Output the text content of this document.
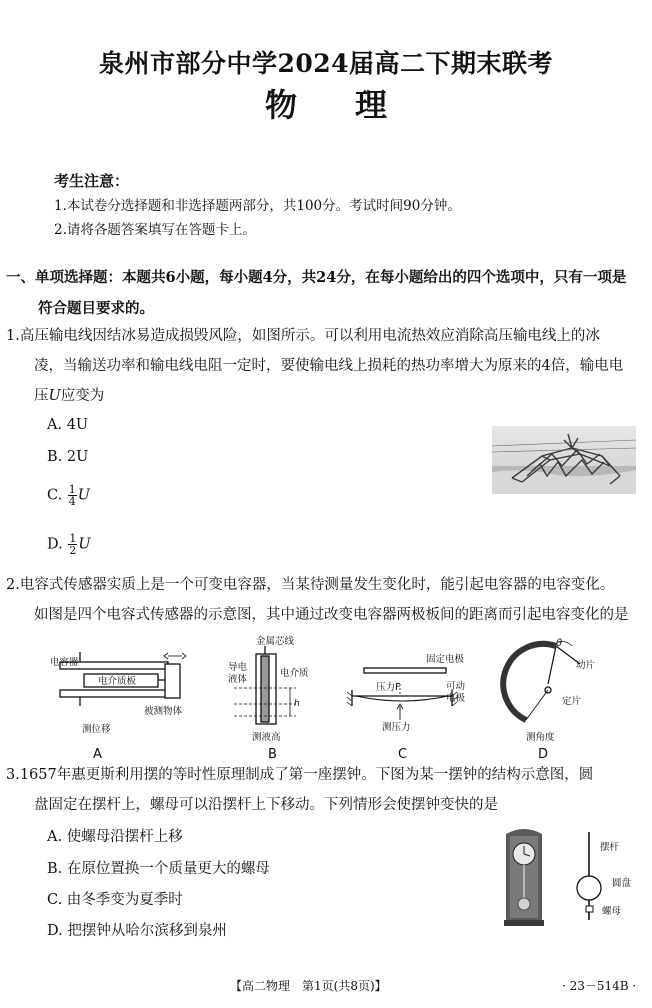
泉州市部分中学2024届高二下期末联考
物理
考生注意：
1.本试卷分选择题和非选择题两部分，共100分。考试时间90分钟。
2.请将各题答案填写在答题卡上。
一、单项选择题：本题共6小题，每小题4分，共24分，在每小题给出的四个选项中，只有一项是
符合题目要求的。
1.高压输电线因结冰易造成损毁风险，如图所示。可以利用电流热效应消除高压输电线上的冰
凌，当输送功率和输电线电阻一定时，要使输电线上损耗的热功率增大为原来的4倍，输电电
压U应变为
A. 4U
B. 2U
C. $\frac{1}{4}$ U
D. $\frac{1}{2}$ U
2.电容式传感器实质上是一个可变电容器，当某待测量发生变化时，能引起电容器的电容变化。
如图是四个电容式传感器的示意图，其中通过改变电容器两极板间的距离而引起电容变化的是
电容器
电介质板
被测物体
测位移
A
金属芯线
导电
液体
电介质
h
测液高
B
固定电极
压力F	可动
电极
测压力
C
θ
动片
定片
测角度
D
3.1657年惠更斯利用摆的等时性原理制成了第一座摆钟。下图为某一摆钟的结构示意图，圆
盘固定在摆杆上，螺母可以沿摆杆上下移动。下列情形会使摆钟变快的是
A. 使螺母沿摆杆上移
B. 在原位置换一个质量更大的螺母
C. 由冬季变为夏季时
D. 把摆钟从哈尔滨移到泉州
摆杆
圆盘
螺母
【高二物理　第1页(共8页)】	· 23－514B ·
